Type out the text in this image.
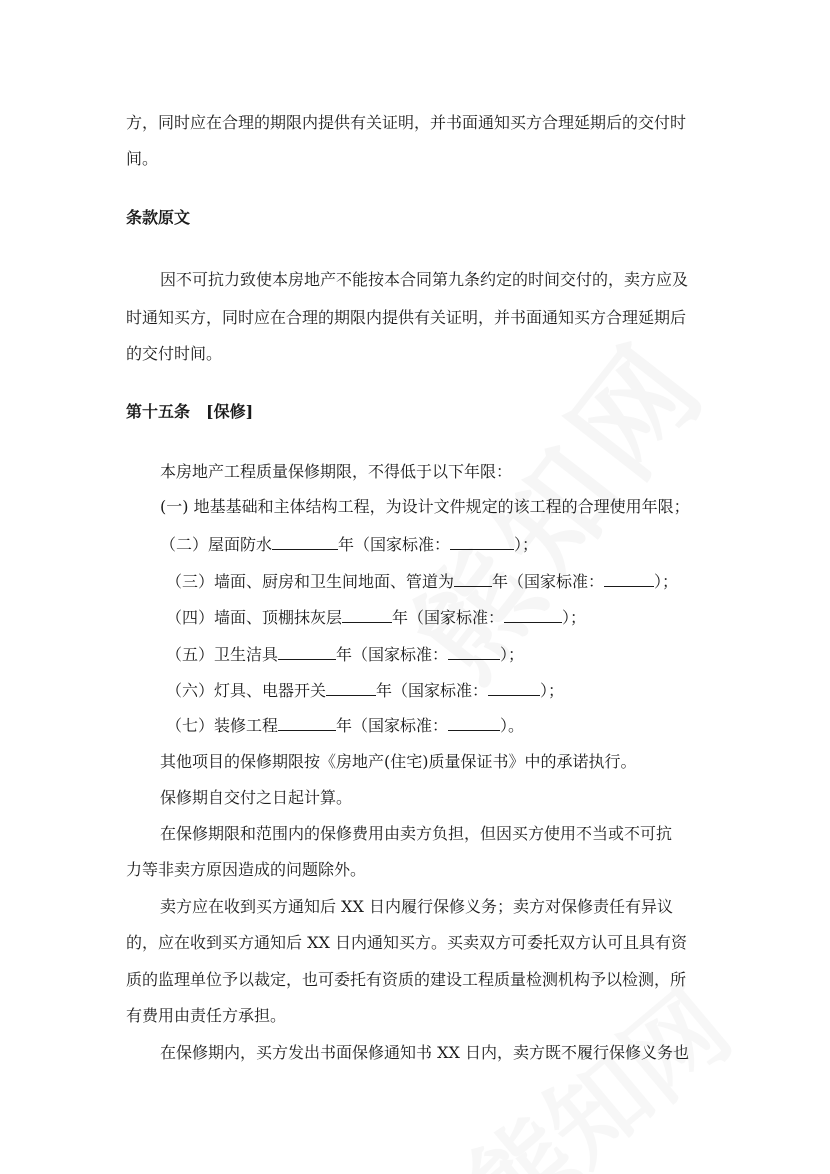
方，同时应在合理的期限内提供有关证明，并书面通知买方合理延期后的交付时
间。
条款原文
因不可抗力致使本房地产不能按本合同第九条约定的时间交付的，卖方应及
时通知买方，同时应在合理的期限内提供有关证明，并书面通知买方合理延期后
的交付时间。
第十五条　[保修]
本房地产工程质量保修期限，不得低于以下年限：
(一) 地基基础和主体结构工程，为设计文件规定的该工程的合理使用年限；
（二）屋面防水	年（国家标准：	）；
（三）墙面、厨房和卫生间地面、管道为 年（国家标准：	）；
（四）墙面、顶棚抹灰层	年（国家标准：	）；
（五）卫生洁具	年（国家标准：	）；
（六）灯具、电器开关	年（国家标准：	）；
（七）装修工程	年（国家标准：	）。
其他项目的保修期限按《房地产(住宅)质量保证书》中的承诺执行。
保修期自交付之日起计算。
在保修期限和范围内的保修费用由卖方负担，但因买方使用不当或不可抗
力等非卖方原因造成的问题除外。
卖方应在收到买方通知后 XX 日内履行保修义务；卖方对保修责任有异议
的，应在收到买方通知后 XX 日内通知买方。买卖双方可委托双方认可且具有资
质的监理单位予以裁定，也可委托有资质的建设工程质量检测机构予以检测，所
有费用由责任方承担。
在保修期内，买方发出书面保修通知书 XX 日内，卖方既不履行保修义务也
